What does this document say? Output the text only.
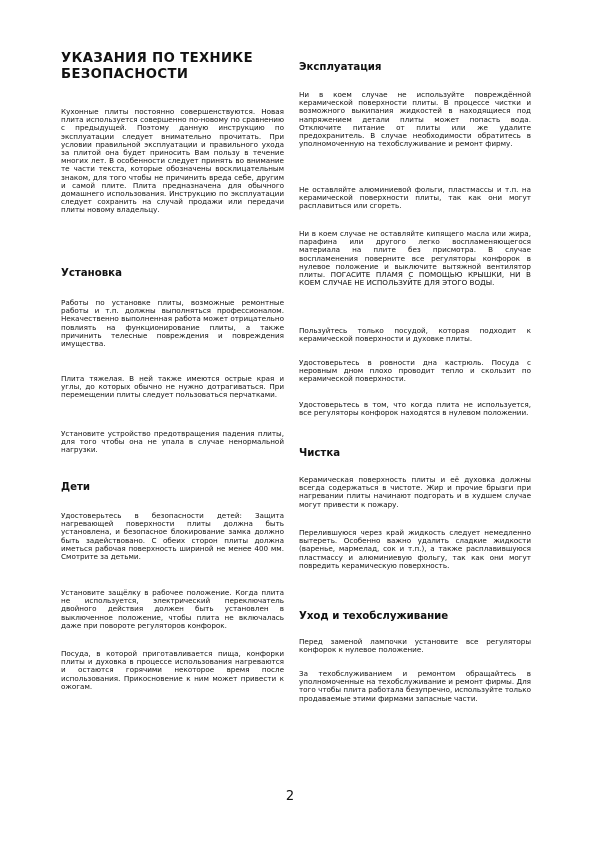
УКАЗАНИЯ ПО ТЕХНИКЕ БЕЗОПАСНОСТИ

Кухонные плиты постоянно совершенствуются. Новая плита используется совершенно по-новому по сравнению с предыдущей. Поэтому данную инструкцию по эксплуатации следует внимательно прочитать. При условии правильной эксплуатации и правильного ухода за плитой она будет приносить Вам пользу в течение многих лет. В особенности следует принять во внимание те части текста, которые обозначены восклицательным знаком, для того чтобы не причинить вреда себе, другим и самой плите. Плита предназначена для обычного домашнего использования. Инструкцию по эксплуатации следует сохранить на случай продажи или передачи плиты новому владельцу.

Установка

Работы по установке плиты, возможные ремонтные работы и т.п. должны выполняться профессионалом. Некачественно выполненная работа может отрицательно повлиять на функционирование плиты, а также причинить телесные повреждения и повреждения имущества.

Плита тяжелая. В ней также имеются острые края и углы, до которых обычно не нужно дотрагиваться. При перемещении плиты следует пользоваться перчатками.

Установите устройство предотвращения падения плиты, для того чтобы она не упала в случае ненормальной нагрузки.

Дети

Удостоверьтесь в безопасности детей: Защита нагревающей поверхности плиты должна быть установлена, и безопасное блокирование замка должно быть задействовано. С обеих сторон плиты должна иметься рабочая поверхность шириной не менее 400 мм. Смотрите за детьми.

Установите защёлку в рабочее положение. Когда плита не используется, электрический переключатель двойного действия должен быть установлен в выключенное положение, чтобы плита не включалась даже при повороте регуляторов конфорок.

Посуда, в которой приготавливается пища, конфорки плиты и духовка в процессе использования нагреваются и остаются горячими некоторое время после использования. Прикосновение к ним может привести к ожогам.

Эксплуатация

Ни в коем случае не используйте повреждённой керамической поверхности плиты. В процессе чистки и возможного выкипания жидкостей в находящиеся под напряжением детали плиты может попасть вода. Отключите питание от плиты или же удалите предохранитель. В случае необходимости обратитесь в уполномоченную на техобслуживание и ремонт фирму.

Не оставляйте алюминиевой фольги, пластмассы и т.п. на керамической поверхности плиты, так как они могут расплавиться или сгореть.

Ни в коем случае не оставляйте кипящего масла или жира, парафина или другого легко воспламеняющегося материала на плите без присмотра. В случае воспламенения поверните все регуляторы конфорок в нулевое положение и выключите вытяжной вентилятор плиты. ПОГАСИТЕ ПЛАМЯ С ПОМОЩЬЮ КРЫШКИ, НИ В КОЕМ СЛУЧАЕ НЕ ИСПОЛЬЗУЙТЕ ДЛЯ ЭТОГО ВОДЫ.

Пользуйтесь только посудой, которая подходит к керамической поверхности и духовке плиты.

Удостоверьтесь в ровности дна кастрюль. Посуда с неровным дном плохо проводит тепло и скользит по керамической поверхности.

Удостоверьтесь в том, что когда плита не используется, все регуляторы конфорок находятся в нулевом положении.

Чистка

Керамическая поверхность плиты и её духовка должны всегда содержаться в чистоте. Жир и прочие брызги при нагревании плиты начинают подгорать и в худшем случае могут привести к пожару.

Перелившуюся через край жидкость следует немедленно вытереть. Особенно важно удалить сладкие жидкости (варенье, мармелад, сок и т.п.), а также расплавившуюся пластмассу и алюминиевую фольгу, так как они могут повредить керамическую поверхность.

Уход и техобслуживание

Перед заменой лампочки установите все регуляторы конфорок к нулевое положение.

За техобслуживанием и ремонтом обращайтесь в уполномоченные на техобслуживание и ремонт фирмы. Для того чтобы плита работала безупречно, используйте только продаваемые этими фирмами запасные части.

2
